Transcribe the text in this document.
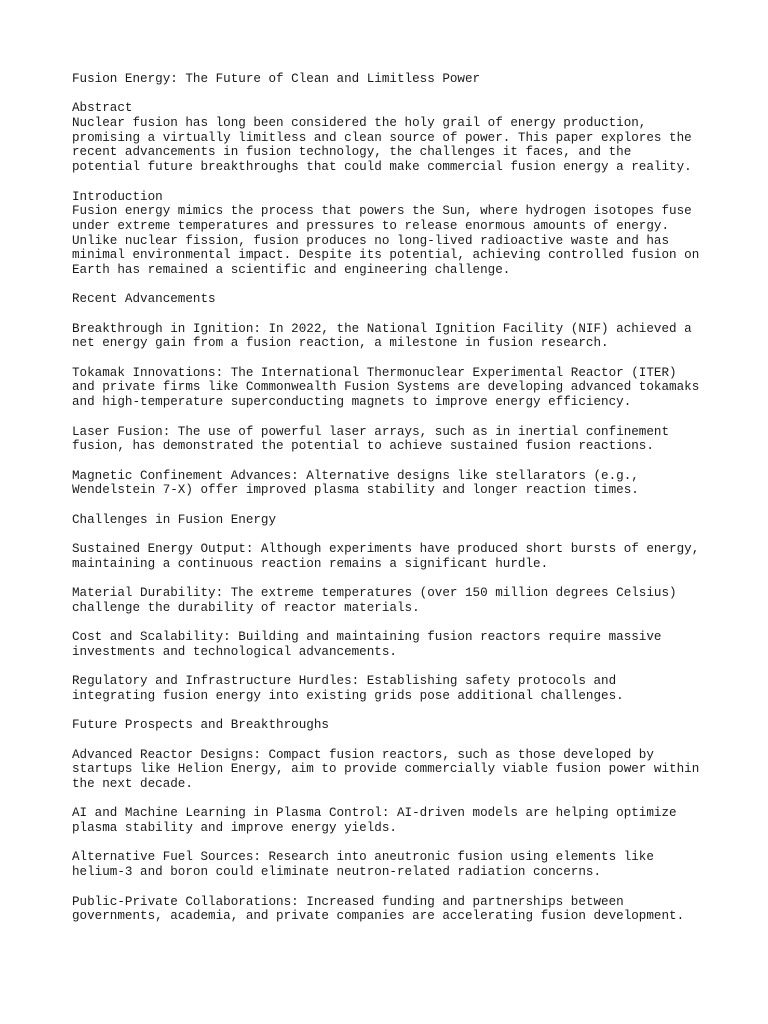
Fusion Energy: The Future of Clean and Limitless Power

Abstract

Nuclear fusion has long been considered the holy grail of energy production,

promising a virtually limitless and clean source of power. This paper explores the

recent advancements in fusion technology, the challenges it faces, and the

potential future breakthroughs that could make commercial fusion energy a reality.

Introduction

Fusion energy mimics the process that powers the Sun, where hydrogen isotopes fuse

under extreme temperatures and pressures to release enormous amounts of energy.

Unlike nuclear fission, fusion produces no long-lived radioactive waste and has

minimal environmental impact. Despite its potential, achieving controlled fusion on

Earth has remained a scientific and engineering challenge.

Recent Advancements

Breakthrough in Ignition: In 2022, the National Ignition Facility (NIF) achieved a

net energy gain from a fusion reaction, a milestone in fusion research.

Tokamak Innovations: The International Thermonuclear Experimental Reactor (ITER)

and private firms like Commonwealth Fusion Systems are developing advanced tokamaks

and high-temperature superconducting magnets to improve energy efficiency.

Laser Fusion: The use of powerful laser arrays, such as in inertial confinement

fusion, has demonstrated the potential to achieve sustained fusion reactions.

Magnetic Confinement Advances: Alternative designs like stellarators (e.g.,

Wendelstein 7-X) offer improved plasma stability and longer reaction times.

Challenges in Fusion Energy

Sustained Energy Output: Although experiments have produced short bursts of energy,

maintaining a continuous reaction remains a significant hurdle.

Material Durability: The extreme temperatures (over 150 million degrees Celsius)

challenge the durability of reactor materials.

Cost and Scalability: Building and maintaining fusion reactors require massive

investments and technological advancements.

Regulatory and Infrastructure Hurdles: Establishing safety protocols and

integrating fusion energy into existing grids pose additional challenges.

Future Prospects and Breakthroughs

Advanced Reactor Designs: Compact fusion reactors, such as those developed by

startups like Helion Energy, aim to provide commercially viable fusion power within

the next decade.

AI and Machine Learning in Plasma Control: AI-driven models are helping optimize

plasma stability and improve energy yields.

Alternative Fuel Sources: Research into aneutronic fusion using elements like

helium-3 and boron could eliminate neutron-related radiation concerns.

Public-Private Collaborations: Increased funding and partnerships between

governments, academia, and private companies are accelerating fusion development.
